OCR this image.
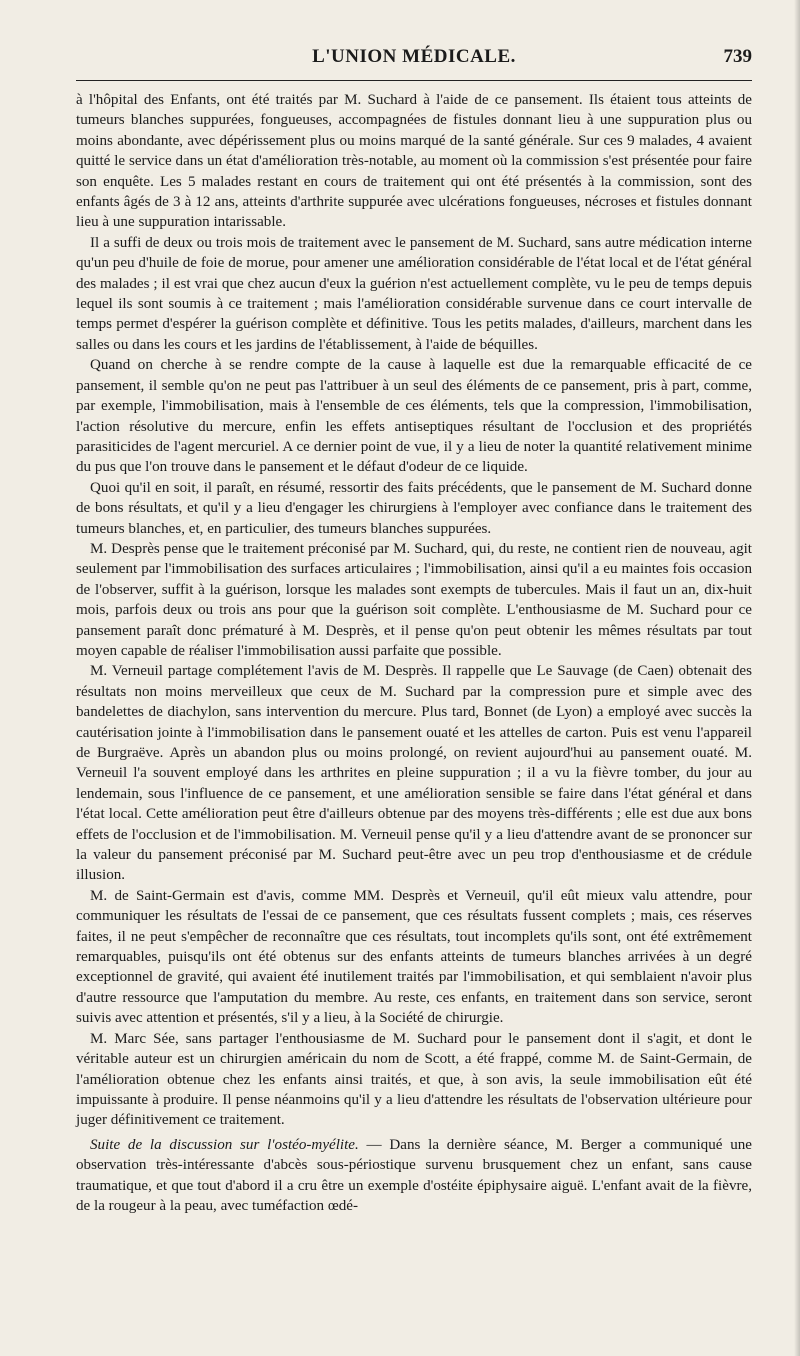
L'UNION MÉDICALE.	739

à l'hôpital des Enfants, ont été traités par M. Suchard à l'aide de ce pansement. Ils étaient tous atteints de tumeurs blanches suppurées, fongueuses, accompagnées de fistules donnant lieu à une suppuration plus ou moins abondante, avec dépérissement plus ou moins marqué de la santé générale. Sur ces 9 malades, 4 avaient quitté le service dans un état d'amélioration très-notable, au moment où la commission s'est présentée pour faire son enquête. Les 5 malades restant en cours de traitement qui ont été présentés à la commission, sont des enfants âgés de 3 à 12 ans, atteints d'arthrite suppurée avec ulcérations fongueuses, nécroses et fistules donnant lieu à une suppuration intarissable.

Il a suffi de deux ou trois mois de traitement avec le pansement de M. Suchard, sans autre médication interne qu'un peu d'huile de foie de morue, pour amener une amélioration considérable de l'état local et de l'état général des malades ; il est vrai que chez aucun d'eux la guérion n'est actuellement complète, vu le peu de temps depuis lequel ils sont soumis à ce traitement ; mais l'amélioration considérable survenue dans ce court intervalle de temps permet d'espérer la guérison complète et définitive. Tous les petits malades, d'ailleurs, marchent dans les salles ou dans les cours et les jardins de l'établissement, à l'aide de béquilles.

Quand on cherche à se rendre compte de la cause à laquelle est due la remarquable efficacité de ce pansement, il semble qu'on ne peut pas l'attribuer à un seul des éléments de ce pansement, pris à part, comme, par exemple, l'immobilisation, mais à l'ensemble de ces éléments, tels que la compression, l'immobilisation, l'action résolutive du mercure, enfin les effets antiseptiques résultant de l'occlusion et des propriétés parasiticides de l'agent mercuriel. A ce dernier point de vue, il y a lieu de noter la quantité relativement minime du pus que l'on trouve dans le pansement et le défaut d'odeur de ce liquide.

Quoi qu'il en soit, il paraît, en résumé, ressortir des faits précédents, que le pansement de M. Suchard donne de bons résultats, et qu'il y a lieu d'engager les chirurgiens à l'employer avec confiance dans le traitement des tumeurs blanches, et, en particulier, des tumeurs blanches suppurées.

M. Desprès pense que le traitement préconisé par M. Suchard, qui, du reste, ne contient rien de nouveau, agit seulement par l'immobilisation des surfaces articulaires ; l'immobilisation, ainsi qu'il a eu maintes fois occasion de l'observer, suffit à la guérison, lorsque les malades sont exempts de tubercules. Mais il faut un an, dix-huit mois, parfois deux ou trois ans pour que la guérison soit complète. L'enthousiasme de M. Suchard pour ce pansement paraît donc prématuré à M. Desprès, et il pense qu'on peut obtenir les mêmes résultats par tout moyen capable de réaliser l'immobilisation aussi parfaite que possible.

M. Verneuil partage complétement l'avis de M. Desprès. Il rappelle que Le Sauvage (de Caen) obtenait des résultats non moins merveilleux que ceux de M. Suchard par la compression pure et simple avec des bandelettes de diachylon, sans intervention du mercure. Plus tard, Bonnet (de Lyon) a employé avec succès la cautérisation jointe à l'immobilisation dans le pansement ouaté et les attelles de carton. Puis est venu l'appareil de Burgraëve. Après un abandon plus ou moins prolongé, on revient aujourd'hui au pansement ouaté. M. Verneuil l'a souvent employé dans les arthrites en pleine suppuration ; il a vu la fièvre tomber, du jour au lendemain, sous l'influence de ce pansement, et une amélioration sensible se faire dans l'état général et dans l'état local. Cette amélioration peut être d'ailleurs obtenue par des moyens très-différents ; elle est due aux bons effets de l'occlusion et de l'immobilisation. M. Verneuil pense qu'il y a lieu d'attendre avant de se prononcer sur la valeur du pansement préconisé par M. Suchard peut-être avec un peu trop d'enthousiasme et de crédule illusion.

M. de Saint-Germain est d'avis, comme MM. Desprès et Verneuil, qu'il eût mieux valu attendre, pour communiquer les résultats de l'essai de ce pansement, que ces résultats fussent complets ; mais, ces réserves faites, il ne peut s'empêcher de reconnaître que ces résultats, tout incomplets qu'ils sont, ont été extrêmement remarquables, puisqu'ils ont été obtenus sur des enfants atteints de tumeurs blanches arrivées à un degré exceptionnel de gravité, qui avaient été inutilement traités par l'immobilisation, et qui semblaient n'avoir plus d'autre ressource que l'amputation du membre. Au reste, ces enfants, en traitement dans son service, seront suivis avec attention et présentés, s'il y a lieu, à la Société de chirurgie.

M. Marc Sée, sans partager l'enthousiasme de M. Suchard pour le pansement dont il s'agit, et dont le véritable auteur est un chirurgien américain du nom de Scott, a été frappé, comme M. de Saint-Germain, de l'amélioration obtenue chez les enfants ainsi traités, et que, à son avis, la seule immobilisation eût été impuissante à produire. Il pense néanmoins qu'il y a lieu d'attendre les résultats de l'observation ultérieure pour juger définitivement ce traitement.

Suite de la discussion sur l'ostéo-myélite. — Dans la dernière séance, M. Berger a communiqué une observation très-intéressante d'abcès sous-périostique survenu brusquement chez un enfant, sans cause traumatique, et que tout d'abord il a cru être un exemple d'ostéite épiphysaire aiguë. L'enfant avait de la fièvre, de la rougeur à la peau, avec tuméfaction œdé-
